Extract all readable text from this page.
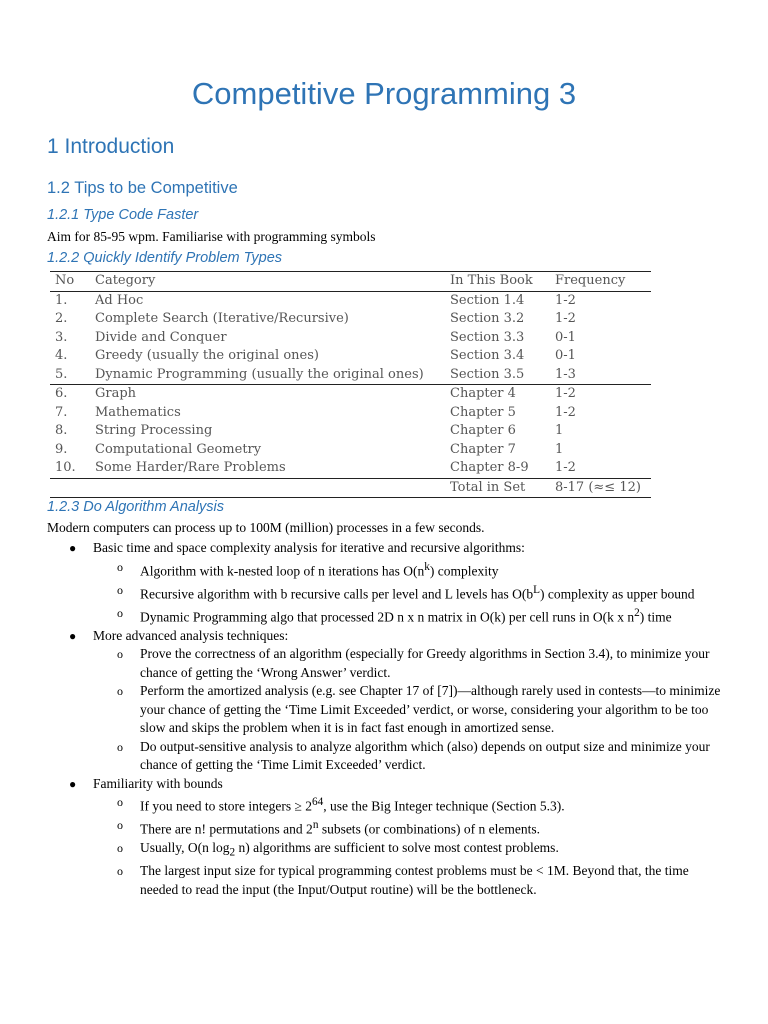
Competitive Programming 3
1 Introduction
1.2 Tips to be Competitive
1.2.1 Type Code Faster

Aim for 85-95 wpm. Familiarise with programming symbols

1.2.2 Quickly Identify Problem Types
No	Category	In This Book	Frequency
1.	Ad Hoc	Section 1.4	1-2
2.	Complete Search (Iterative/Recursive)	Section 3.2	1-2
3.	Divide and Conquer	Section 3.3	0-1
4.	Greedy (usually the original ones)	Section 3.4	0-1
5.	Dynamic Programming (usually the original ones)	Section 3.5	1-3
6.	Graph	Chapter 4	1-2
7.	Mathematics	Chapter 5	1-2
8.	String Processing	Chapter 6	1
9.	Computational Geometry	Chapter 7	1
10.	Some Harder/Rare Problems	Chapter 8-9	1-2
		Total in Set	8-17 (≈≤ 12)
1.2.3 Do Algorithm Analysis

Modern computers can process up to 100M (million) processes in a few seconds.

● Basic time and space complexity analysis for iterative and recursive algorithms:
o Algorithm with k-nested loop of n iterations has $O(n^k)$ complexity
o Recursive algorithm with b recursive calls per level and L levels has $O(b^L)$ complexity as upper bound
o Dynamic Programming algo that processed 2D n x n matrix in O(k) per cell runs in O(k x $n^2$) time
● More advanced analysis techniques:
o Prove the correctness of an algorithm (especially for Greedy algorithms in Section 3.4), to minimize your chance of getting the ‘Wrong Answer’ verdict.
o Perform the amortized analysis (e.g. see Chapter 17 of [7])—although rarely used in contests—to minimize your chance of getting the ‘Time Limit Exceeded’ verdict, or worse, considering your algorithm to be too slow and skips the problem when it is in fact fast enough in amortized sense.
o Do output-sensitive analysis to analyze algorithm which (also) depends on output size and minimize your chance of getting the ‘Time Limit Exceeded’ verdict.
● Familiarity with bounds
o If you need to store integers ≥ $2^{64}$, use the Big Integer technique (Section 5.3).
o There are n! permutations and 2$^n$ subsets (or combinations) of n elements.
o Usually, O(n $\log_2 n$) algorithms are sufficient to solve most contest problems.
o The largest input size for typical programming contest problems must be < 1M. Beyond that, the time needed to read the input (the Input/Output routine) will be the bottleneck.
